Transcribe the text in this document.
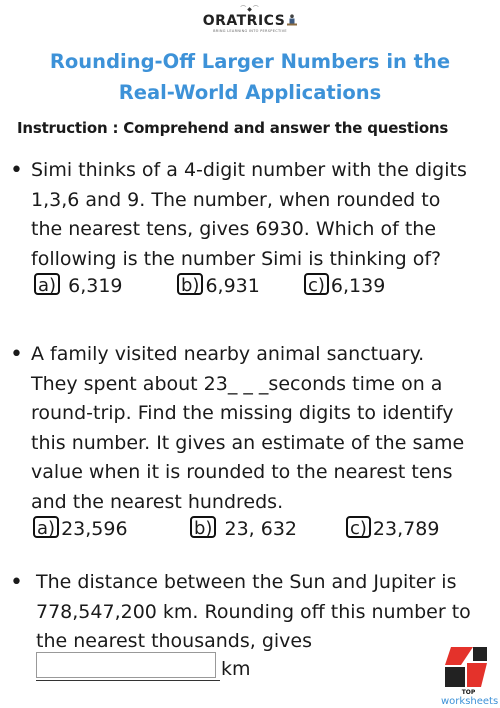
⌒◆⌒
ORATRICS
BRING LEARNING INTO PERSPECTIVE
Rounding-Off Larger Numbers in the
Real-World Applications
Instruction : Comprehend and answer the questions
• Simi thinks of a 4-digit number with the digits
1,3,6 and 9. The number, when rounded to
the nearest tens, gives 6930. Which of the
following is the number Simi is thinking of?
a) 6,319	b) 6,931	c) 6,139
• A family visited nearby animal sanctuary.
They spent about 23_ _ _seconds time on a
round-trip. Find the missing digits to identify
this number. It gives an estimate of the same
value when it is rounded to the nearest tens
and the nearest hundreds.
a) 23,596	b) 23, 632	c) 23,789
• The distance between the Sun and Jupiter is
778,547,200 km. Rounding off this number to
the nearest thousands, gives
km
TOP
worksheets
